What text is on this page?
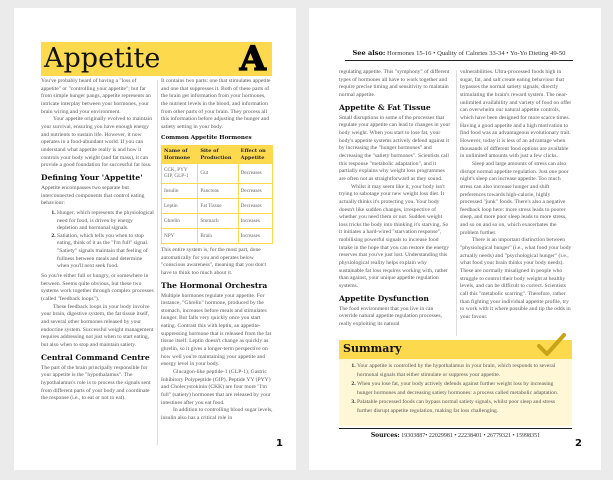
Appetite A

You've probably heard of having a "loss of appetite" or "controlling your appetite"; but far from simple hunger pangs, appetite represents an intricate interplay between your hormones, your brain wiring and your environment.

Your appetite originally evolved to maintain your survival, ensuring you have enough energy and nutrients to sustain life. However, it now operates in a food-abundant world. If you can understand what appetite really is and how it controls your body weight (and fat mass), it can provide a good foundation for successful fat loss.

Defining Your 'Appetite'

Appetite encompasses two separate but interconnected components that control eating behaviour:

1. Hunger, which represents the physiological need for food, is driven by energy depletion and hormonal signals.
2. Satiation, which tells you when to stop eating, think of it as the "I'm full" signal. "Satiety" signals maintain that feeling of fullness between meals and determine when you'll next seek food.

So you're either full or hungry, or somewhere in between. Seems quite obvious, but these two systems work together through complex processes (called "feedback loops").

These feedback loops in your body involve your brain, digestive system, the fat tissue itself, and several other hormones released by your endocrine system. Successful weight management requires addressing not just when to start eating, but also when to stop and maintain satiety.

Central Command Centre

The part of the brain principally responsible for your appetite is the "hypothalamus". The hypothalamus's role is to process the signals sent from different parts of your body and coordinate the response (i.e., to eat or not to eat).

It contains two parts: one that stimulates appetite and one that suppresses it. Both of these parts of the brain get information from your hormones, the nutrient levels in the blood, and information from other parts of your brain. They process all this information before adjusting the hunger and satiety setting in your body.

Common Appetite Hormones
Name of Hormone	Site of Production	Effect on Appetite
CCK, PYY GIP, GLP-1	Gut	Decreases
Insulin	Pancreas	Decreases
Leptin	Fat Tissue	Decreases
Ghrelin	Stomach	Increases
NPY	Brain	Increases

This entire system is, for the most part, done automatically for you and operates below "conscious awareness", meaning that you don't have to think too much about it.

The Hormonal Orchestra

Multiple hormones regulate your appetite. For instance, "Ghrelin" hormone, produced by the stomach, increases before meals and stimulates hunger. But falls very quickly once you start eating. Contrast this with leptin, an appetite-suppressing hormone that is released from the fat tissue itself. Leptin doesn't change as quickly as ghrelin, so it gives a longer-term perspective on how well you're maintaining your appetite and energy level in your body.

Glucagon-like peptide-1 (GLP-1), Gastric Inhibitory Polypeptide (GIP), Peptide YY (PYY) and Cholecystokinin (CKK) are four more "I'm full" (satiety) hormones that are released by your intestines after you eat food.

In addition to controlling blood sugar levels, insulin also has a critical role in

1
See also: Hormones 15-16 • Quality of Calories 33-34 • Yo-Yo Dieting 49-50

regulating appetite. This "symphony" of different types of hormones all have to work together and require precise timing and sensitivity to maintain normal appetite.

Appetite & Fat Tissue

Small disruptions in some of the processes that regulate your appetite can lead to changes in your body weight. When you start to lose fat, your body's appetite systems actively defend against it by increasing the "hunger hormones" and decreasing the "satiety hormones". Scientists call this response "metabolic adaptation", and it partially explains why weight loss programmes are often not as straightforward as they sound.

Whilst it may seem like it, your body isn't trying to sabotage your new weight loss diet. It actually thinks it's protecting you. Your body doesn't like sudden changes, irrespective of whether you need them or not. Sudden weight loss tricks the body into thinking it's starving. So it initiates a hard-wired "starvation response", mobilising powerful signals to increase food intake in the hope that you can restore the energy reserves that you've just lost. Understanding this physiological reality helps explain why sustainable fat loss requires working with, rather than against, your unique appetite regulation systems.

Appetite Dysfunction

The food environment that you live in can override natural appetite regulation processes, really exploiting its natural

vulnerabilities. Ultra-processed foods high in sugar, fat, and salt create eating behaviour that bypasses the normal satiety signals, directly stimulating the brain's reward system. The near-unlimited availability and variety of food on offer can overwhelm our natural appetite controls, which have been designed for more scarce times. Having a good appetite and a high motivation to find food was an advantageous evolutionary trait. However, today it is less of an advantage when thousands of different food options are available in unlimited amounts with just a few clicks.

Sleep and large amounts of stress can also disrupt normal appetite regulation. Just one poor night's sleep can increase appetite. Too much stress can also increase hunger and shift preferences towards high-calorie, highly processed "junk" foods. There's also a negative feedback loop here: more stress leads to poorer sleep, and more poor sleep leads to more stress, and so on and so on, which exacerbates the problem further.

There is an important distinction between "physiological hunger" (i.e., what food your body actually needs) and "psychological hunger" (i.e., what food your brain thinks your body needs). These are normally misaligned in people who struggle to control their body weight at healthy levels, and can be difficult to correct. Scientists call this "metabolic scarring". Therefore, rather than fighting your individual appetite profile, try to work with it where possible and tip the odds in your favour.

Summary
1. Your appetite is controlled by the hypothalamus in your brain, which responds to several hormonal signals that either stimulate or suppress your appetite.
2. When you lose fat, your body actively defends against further weight loss by increasing hunger hormones and decreasing satiety hormones: a process called metabolic adaptation.
3. Palatable processed foods can bypass normal satiety signals, whilst poor sleep and stress further disrupt appetite regulation, making fat loss challenging.
Sources: 19303887• 22029981 • 22238401 • 26779321 • 15998351
2
